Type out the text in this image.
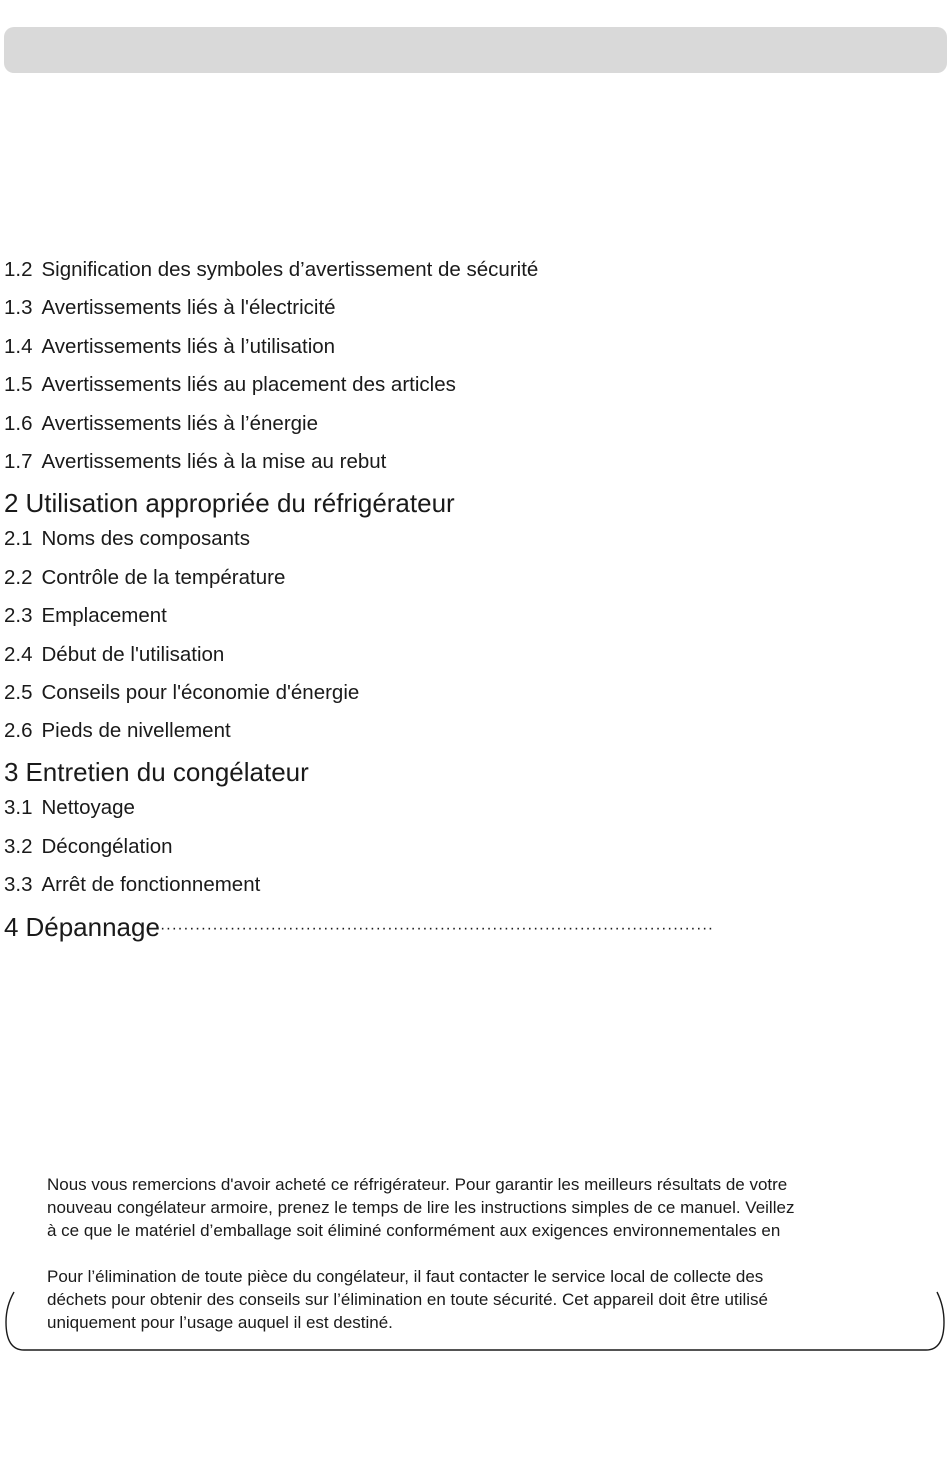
1.2 Signification des symboles d’avertissement de sécurité
1.3 Avertissements liés à l'électricité
1.4 Avertissements liés à l’utilisation
1.5 Avertissements liés au placement des articles
1.6 Avertissements liés à l’énergie
1.7 Avertissements liés à la mise au rebut
2 Utilisation appropriée du réfrigérateur
2.1 Noms des composants
2.2 Contrôle de la température
2.3 Emplacement
2.4 Début de l'utilisation
2.5 Conseils pour l'économie d'énergie
2.6 Pieds de nivellement
3 Entretien du congélateur
3.1 Nettoyage
3.2 Décongélation
3.3 Arrêt de fonctionnement
4 Dépannage·······························································································

Nous vous remercions d'avoir acheté ce réfrigérateur. Pour garantir les meilleurs résultats de votre
nouveau congélateur armoire, prenez le temps de lire les instructions simples de ce manuel. Veillez
à ce que le matériel d’emballage soit éliminé conformément aux exigences environnementales en

Pour l’élimination de toute pièce du congélateur, il faut contacter le service local de collecte des
déchets pour obtenir des conseils sur l’élimination en toute sécurité. Cet appareil doit être utilisé
uniquement pour l’usage auquel il est destiné.
